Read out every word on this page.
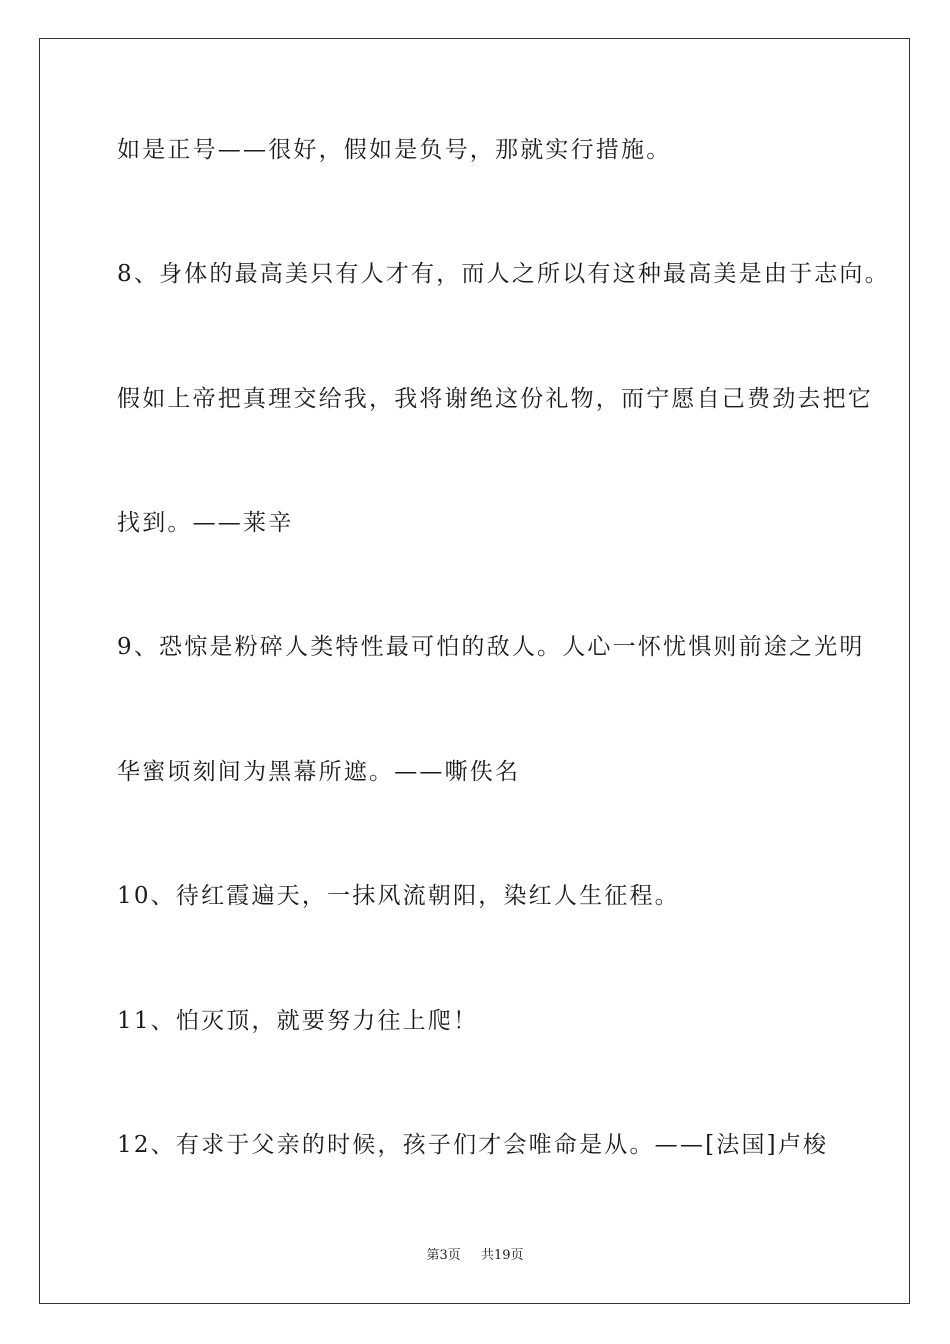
如是正号——很好，假如是负号，那就实行措施。
8、身体的最高美只有人才有，而人之所以有这种最高美是由于志向。
假如上帝把真理交给我，我将谢绝这份礼物，而宁愿自己费劲去把它
找到。——莱辛
9、恐惊是粉碎人类特性最可怕的敌人。人心一怀忧惧则前途之光明
华蜜顷刻间为黑幕所遮。——嘶佚名
10、待红霞遍天，一抹风流朝阳，染红人生征程。
11、怕灭顶，就要努力往上爬！
12、有求于父亲的时候，孩子们才会唯命是从。——[法国]卢梭
第3页 共19页
